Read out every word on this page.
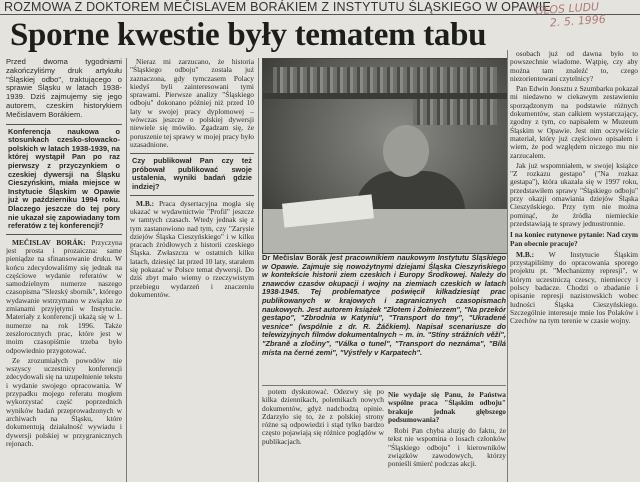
ROZMOWA Z DOKTOREM MEČISLAVEM BORÁKIEM Z INSTYTUTU ŚLĄSKIEGO W OPAWIE
GŁOS LUDU
2. 5. 1996
Sporne kwestie były tematem tabu

Przed dwoma tygodniami zakończyliśmy druk artykułu "Śląskiej odbo", traktującego o sprawie Śląsku w latach 1938-1939. Dziś zajmujemy się jego autorem, czeskim historykiem Mečislavem Borákiem.

Konferencja naukowa o stosunkach czesko-słowacko-polskich w latach 1938-1939, na której wystąpił Pan po raz pierwszy z przyczynkiem o czeskiej dywersji na Śląsku Cieszyńskim, miała miejsce w Instytucie Śląskim w Opawie już w październiku 1994 roku. Dlaczego jeszcze do tej pory nie ukazał się zapowiadany tom referatów z tej konferencji?

MEČISLAV BORÁK: Przyczyna jest prosta i prozaiczna: same pieniądze na sfinansowanie druku. W końcu zdecydowaliśmy się jednak na częściowe wydanie referatów w samodzielnym numerze naszego czasopisma "Slezský sborník", którego wydawanie wstrzymano w związku ze zmianami przyjętymi w Instytucie. Materiały z konferencji ukażą się w 1. numerze na rok 1996. Także zeszłorocznych prac, które jest w moim czasopiśmie trzeba było odpowiednio przygotować.

Ze zrozumiałych powodów nie wszyscy uczestnicy konferencji zdecydowali się na uzupełnienie tekstu i wydanie swojego opracowania. W przypadku mojego referatu mogłem wykorzystać część poprzednich wyników badań przeprowadzonych w archiwach na Śląsku, które dokumentują działalność wywiadu i dywersji polskiej w przygranicznych rejonach.

Nieraz mi zarzucano, że historia "Śląskiego odboju" została już zaznaczona, gdy tymczasem Polacy kiedyś byli zainteresowani tymi sprawami. Pierwsze analizy "Śląskiego odboju" dokonano później niż przed 10 laty w swojej pracy dyplomowej – wówczas jeszcze o polskiej dywersji niewiele się mówiło. Zgadzam się, że poruszenie tej sprawy w mojej pracy było uzasadnione.

Czy publikował Pan czy też próbował publikować swoje ustalenia, wyniki badań gdzie indziej?

M.B.: Praca dysertacyjna mogła się ukazać w wydawnictwie "Profil" jeszcze w tamtych czasach. Wtedy jednak się z tym zastanowiono nad tym, czy "Zarysie dziejów Śląska Cieszyńskiego" i w kilku pracach źródłowych z historii czeskiego Śląska. Zwłaszcza w ostatnich kilku latach, dziesięć lat przed 10 laty, starałem się pokazać w Polsce temat dywersji. Do dziś zbyt mało wiemy o rzeczywistym przebiegu wydarzeń i znaczeniu dokumentów.

Dr Mečislav Borák jest pracownikiem naukowym Instytutu Śląskiego w Opawie. Zajmuje się nowożytnymi dziejami Śląska Cieszyńskiego w kontekście historii ziem czeskich i Europy Środkowej. Należy do znawców czasów okupacji i wojny na ziemiach czeskich w latach 1938-1945. Tej problematyce poświęcił kilkadziesiąt prac publikowanych w krajowych i zagranicznych czasopismach naukowych. Jest autorem książek "Złotem i Żołnierzem", "Na przekór gestapo", "Zbrodnia w Katyniu", "Transport do tmy", "Ukradené vesnice" (wspólnie z dr. R. Żáčkiem). Napisał scenariusze do telewizyjnych filmów dokumentalnych – m. in. "Stíny strážních věží", "Zbraně a zločiny", "Válka o tunel", "Transport do neznáma", "Bílá místa na černé zemi", "Výstřely v Karpatech".

potem dyskutować. Odezwy się po kilka dziennikach, polemikach nowych dokumentów, gdyż nadchodzą opinie. Zdarzyło się to, że z polskiej strony różne są odpowiedzi i stąd tylko bardzo często pojawiają się różnice poglądów w publikacjach.

Nie wydaje się Panu, że Państwa wspólne praca "Śląskim odboju" brakuje jednak głębszego podsumowania?

Robi Pan chyba aluzję do faktu, że tekst nie wspomina o losach członków "Śląskiego odboju" i kierowników związków zawodowych, którzy ponieśli śmierć podczas akcji.

osobach już od dawna było to powszechnie wiadome. Wątpię, czy aby można tam znaleźć to, czego niezorientowani czytelnicy?

Pan Edwin Jonsztu z Szumbarku pokazał mi niedawno w ciekawym zestawieniu sporządzonym na podstawie różnych dokumentów, stan całkiem wystarczający, zgodny z tym, co napisałem w Muzeum Śląskim w Opawie. Jest nim oczywiście materiał, który już częściowo opisałem i wiem, że pod względem niczego mu nie zarzucałem.

Jak już wspomniałem, w swojej książce "Z rozkazu gestapo" ("Na rozkaz gestapa"), która ukazała się w 1997 roku, przedstawiłem sprawy "Śląskiego odboju" przy okazji omawiania dziejów Śląska Cieszyńskiego. Przy tym nie można pominąć, że źródła niemieckie przedstawiają te sprawy jednostronnie.

I na koniec rutynowe pytanie: Nad czym Pan obecnie pracuje?

M.B.: W Instytucie Śląskim przystąpiliśmy do opracowania sporego projektu pt. "Mechanizmy represji", w którym uczestniczą czescy, niemieccy i polscy badacze. Chodzi o zbadanie i opisanie represji nazistowskich wobec ludności Śląska Cieszyńskiego. Szczególnie interesuje mnie los Polaków i Czechów na tym terenie w czasie wojny.
